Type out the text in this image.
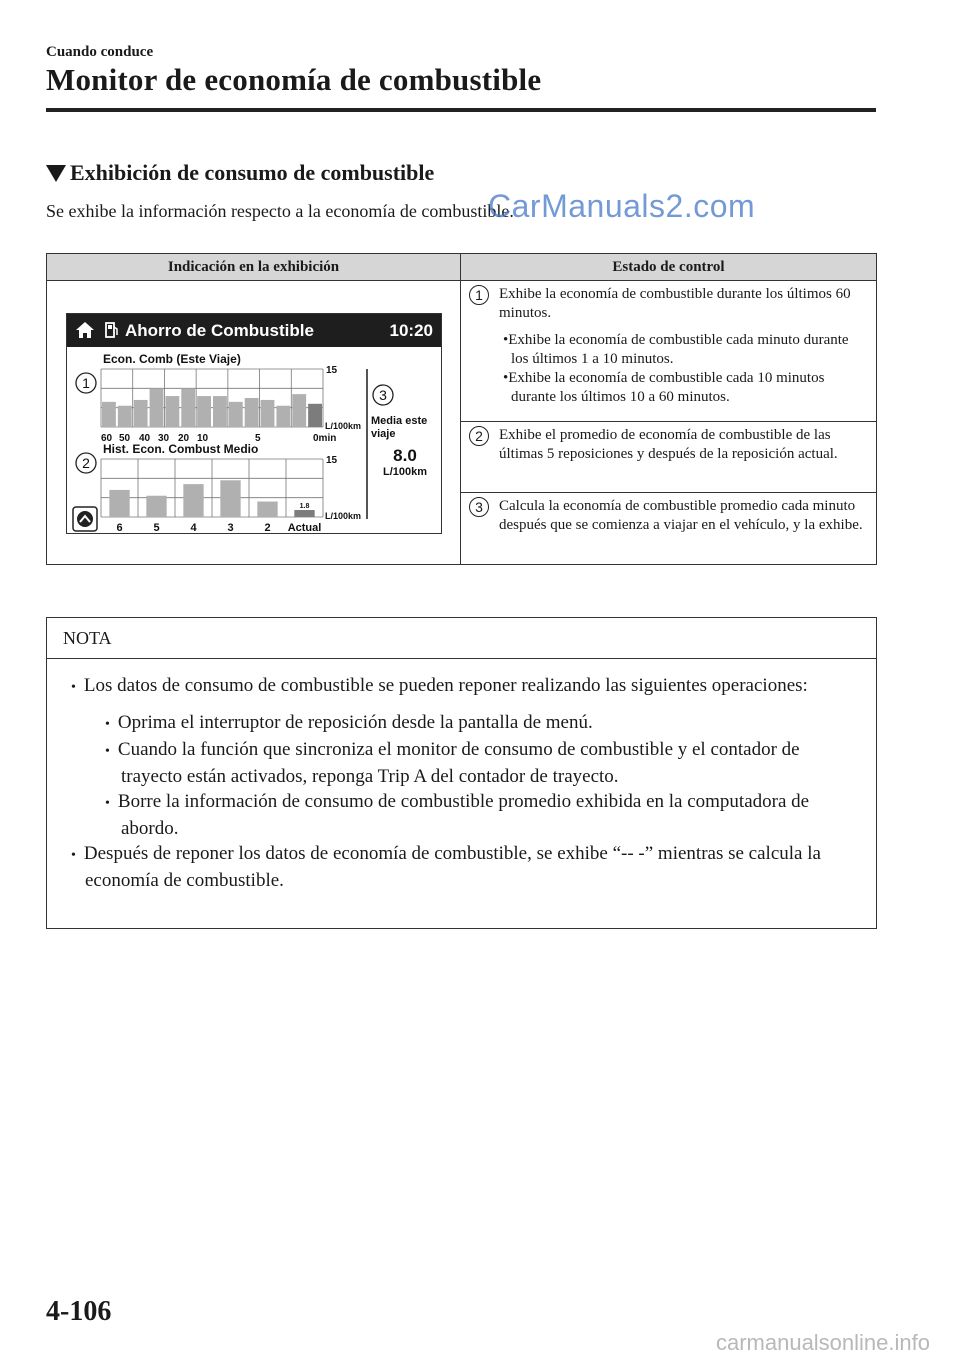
Cuando conduce
Monitor de economía de combustible
Exhibición de consumo de combustible
Se exhibe la información respecto a la economía de combustible.
CarManuals2.com
Indicación en la exhibición	Estado de control
Ahorro de Combustible	10:20
Econ. Comb (Este Viaje)
Hist. Econ. Combust Medio
15
15
L/100km
L/100km
60 50 40 30 20 10	5	0min
6	5	4	3	2 Actual
1.8
Media este
viaje
8.0
L/100km
1
2
3
1	Exhibe la economía de combustible durante los últimos 60 minutos.
•Exhibe la economía de combustible cada minuto durante los últimos 1 a 10 minutos.
•Exhibe la economía de combustible cada 10 minutos durante los últimos 10 a 60 minutos.
2	Exhibe el promedio de economía de combustible de las últimas 5 reposiciones y después de la reposición actual.
3	Calcula la economía de combustible promedio cada minuto después que se comienza a viajar en el vehículo, y la exhibe.
NOTA
• Los datos de consumo de combustible se pueden reponer realizando las siguientes operaciones:
• Oprima el interruptor de reposición desde la pantalla de menú.
• Cuando la función que sincroniza el monitor de consumo de combustible y el contador de trayecto están activados, reponga Trip A del contador de trayecto.
• Borre la información de consumo de combustible promedio exhibida en la computadora de abordo.
• Después de reponer los datos de economía de combustible, se exhibe “-- -” mientras se calcula la economía de combustible.
4-106
carmanualsonline.info
